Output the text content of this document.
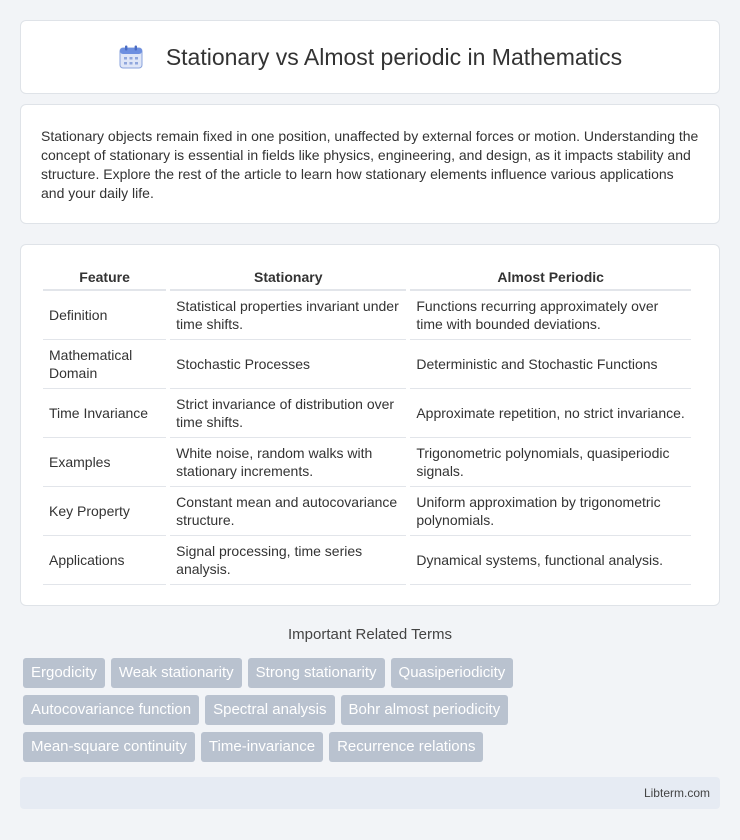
Stationary vs Almost periodic in Mathematics

Stationary objects remain fixed in one position, unaffected by external forces or motion. Understanding the concept of stationary is essential in fields like physics, engineering, and design, as it impacts stability and structure. Explore the rest of the article to learn how stationary elements influence various applications and your daily life.

Feature	Stationary	Almost Periodic
Definition	Statistical properties invariant under time shifts.	Functions recurring approximately over time with bounded deviations.
Mathematical Domain	Stochastic Processes	Deterministic and Stochastic Functions
Time Invariance	Strict invariance of distribution over time shifts.	Approximate repetition, no strict invariance.
Examples	White noise, random walks with stationary increments.	Trigonometric polynomials, quasiperiodic signals.
Key Property	Constant mean and autocovariance structure.	Uniform approximation by trigonometric polynomials.
Applications	Signal processing, time series analysis.	Dynamical systems, functional analysis.
Important Related Terms
Ergodicity	Weak stationarity	Strong stationarity	Quasiperiodicity
Autocovariance function	Spectral analysis	Bohr almost periodicity
Mean-square continuity	Time-invariance	Recurrence relations
Libterm.com
